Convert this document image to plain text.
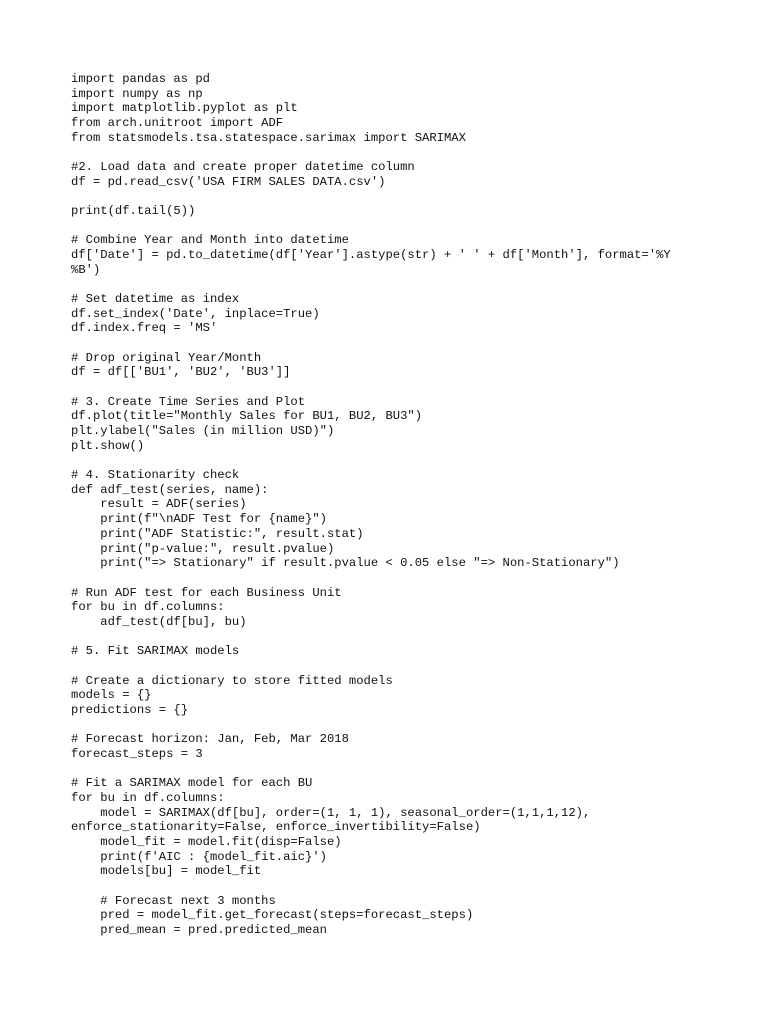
import pandas as pd
import numpy as np
import matplotlib.pyplot as plt
from arch.unitroot import ADF
from statsmodels.tsa.statespace.sarimax import SARIMAX
#2. Load data and create proper datetime column
df = pd.read_csv('USA FIRM SALES DATA.csv')
print(df.tail(5))
# Combine Year and Month into datetime
df['Date'] = pd.to_datetime(df['Year'].astype(str) + ' ' + df['Month'], format='%Y
%B')
# Set datetime as index
df.set_index('Date', inplace=True)
df.index.freq = 'MS'
# Drop original Year/Month
df = df[['BU1', 'BU2', 'BU3']]
# 3. Create Time Series and Plot
df.plot(title="Monthly Sales for BU1, BU2, BU3")
plt.ylabel("Sales (in million USD)")
plt.show()
# 4. Stationarity check
def adf_test(series, name):
result = ADF(series)
print(f"\nADF Test for {name}")
print("ADF Statistic:", result.stat)
print("p-value:", result.pvalue)
print("=> Stationary" if result.pvalue < 0.05 else "=> Non-Stationary")
# Run ADF test for each Business Unit
for bu in df.columns:
adf_test(df[bu], bu)
# 5. Fit SARIMAX models
# Create a dictionary to store fitted models
models = {}
predictions = {}
# Forecast horizon: Jan, Feb, Mar 2018
forecast_steps = 3
# Fit a SARIMAX model for each BU
for bu in df.columns:
model = SARIMAX(df[bu], order=(1, 1, 1), seasonal_order=(1,1,1,12),
enforce_stationarity=False, enforce_invertibility=False)
model_fit = model.fit(disp=False)
print(f'AIC : {model_fit.aic}')
models[bu] = model_fit
# Forecast next 3 months
pred = model_fit.get_forecast(steps=forecast_steps)
pred_mean = pred.predicted_mean
